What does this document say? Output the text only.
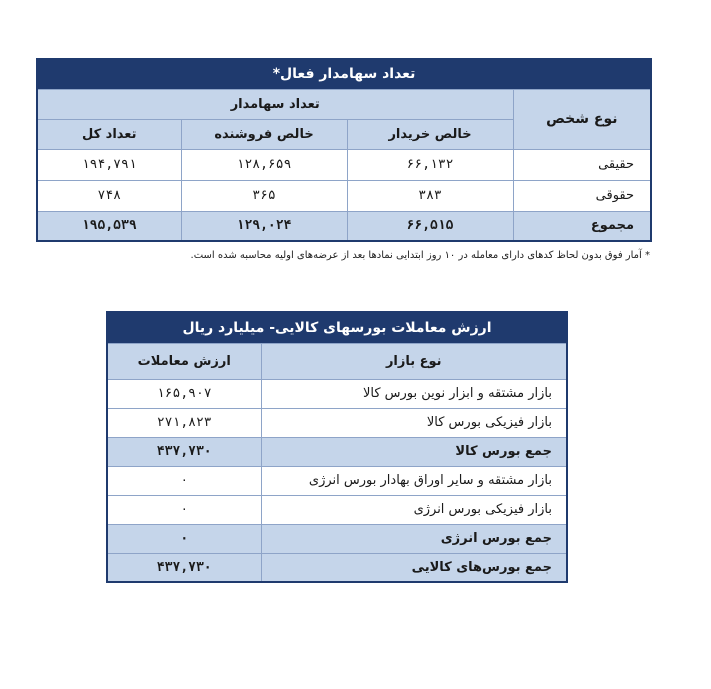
تعداد سهامدار فعال*			
نوع شخص	تعداد سهامدار		
	خالص خریدار	خالص فروشنده	تعداد کل
حقیقی	۶۶,۱۳۲	۱۲۸,۶۵۹	۱۹۴,۷۹۱
حقوقی	۳۸۳	۳۶۵	۷۴۸
مجموع	۶۶,۵۱۵	۱۲۹,۰۲۴	۱۹۵,۵۳۹
* آمار فوق بدون لحاظ کدهای دارای معامله در ۱۰ روز ابتدایی نمادها بعد از عرضه‌های اولیه محاسبه شده است.
ارزش معاملات بورسهای کالایی- میلیارد ریال	
نوع بازار	ارزش معاملات
بازار مشتقه و ابزار نوین بورس کالا	۱۶۵,۹۰۷
بازار فیزیکی بورس کالا	۲۷۱,۸۲۳
جمع بورس کالا	۴۳۷,۷۳۰
بازار مشتقه و سایر اوراق بهادار بورس انرژی	۰
بازار فیزیکی بورس انرژی	۰
جمع بورس انرژی	۰
جمع بورس‌های کالایی	۴۳۷,۷۳۰
